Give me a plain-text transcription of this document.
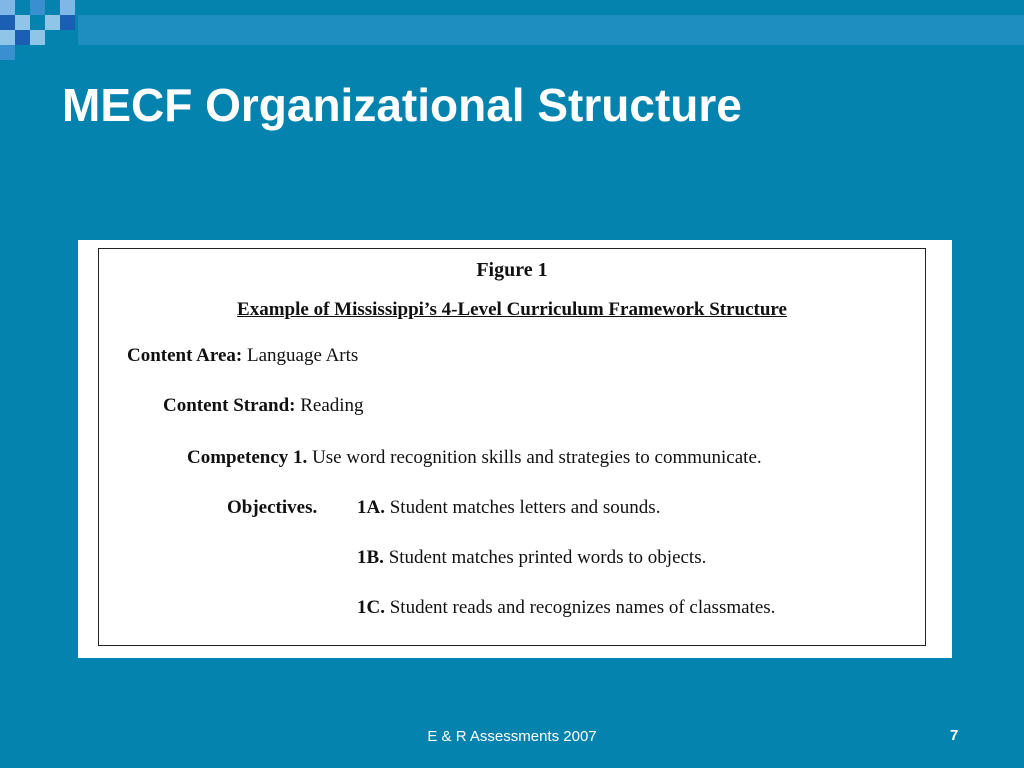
MECF Organizational Structure
Figure 1
Example of Mississippi’s 4-Level Curriculum Framework Structure
Content Area: Language Arts
Content Strand: Reading
Competency 1. Use word recognition skills and strategies to communicate.
Objectives. 1A. Student matches letters and sounds.
1B. Student matches printed words to objects.
1C. Student reads and recognizes names of classmates.
E & R Assessments 2007	7
